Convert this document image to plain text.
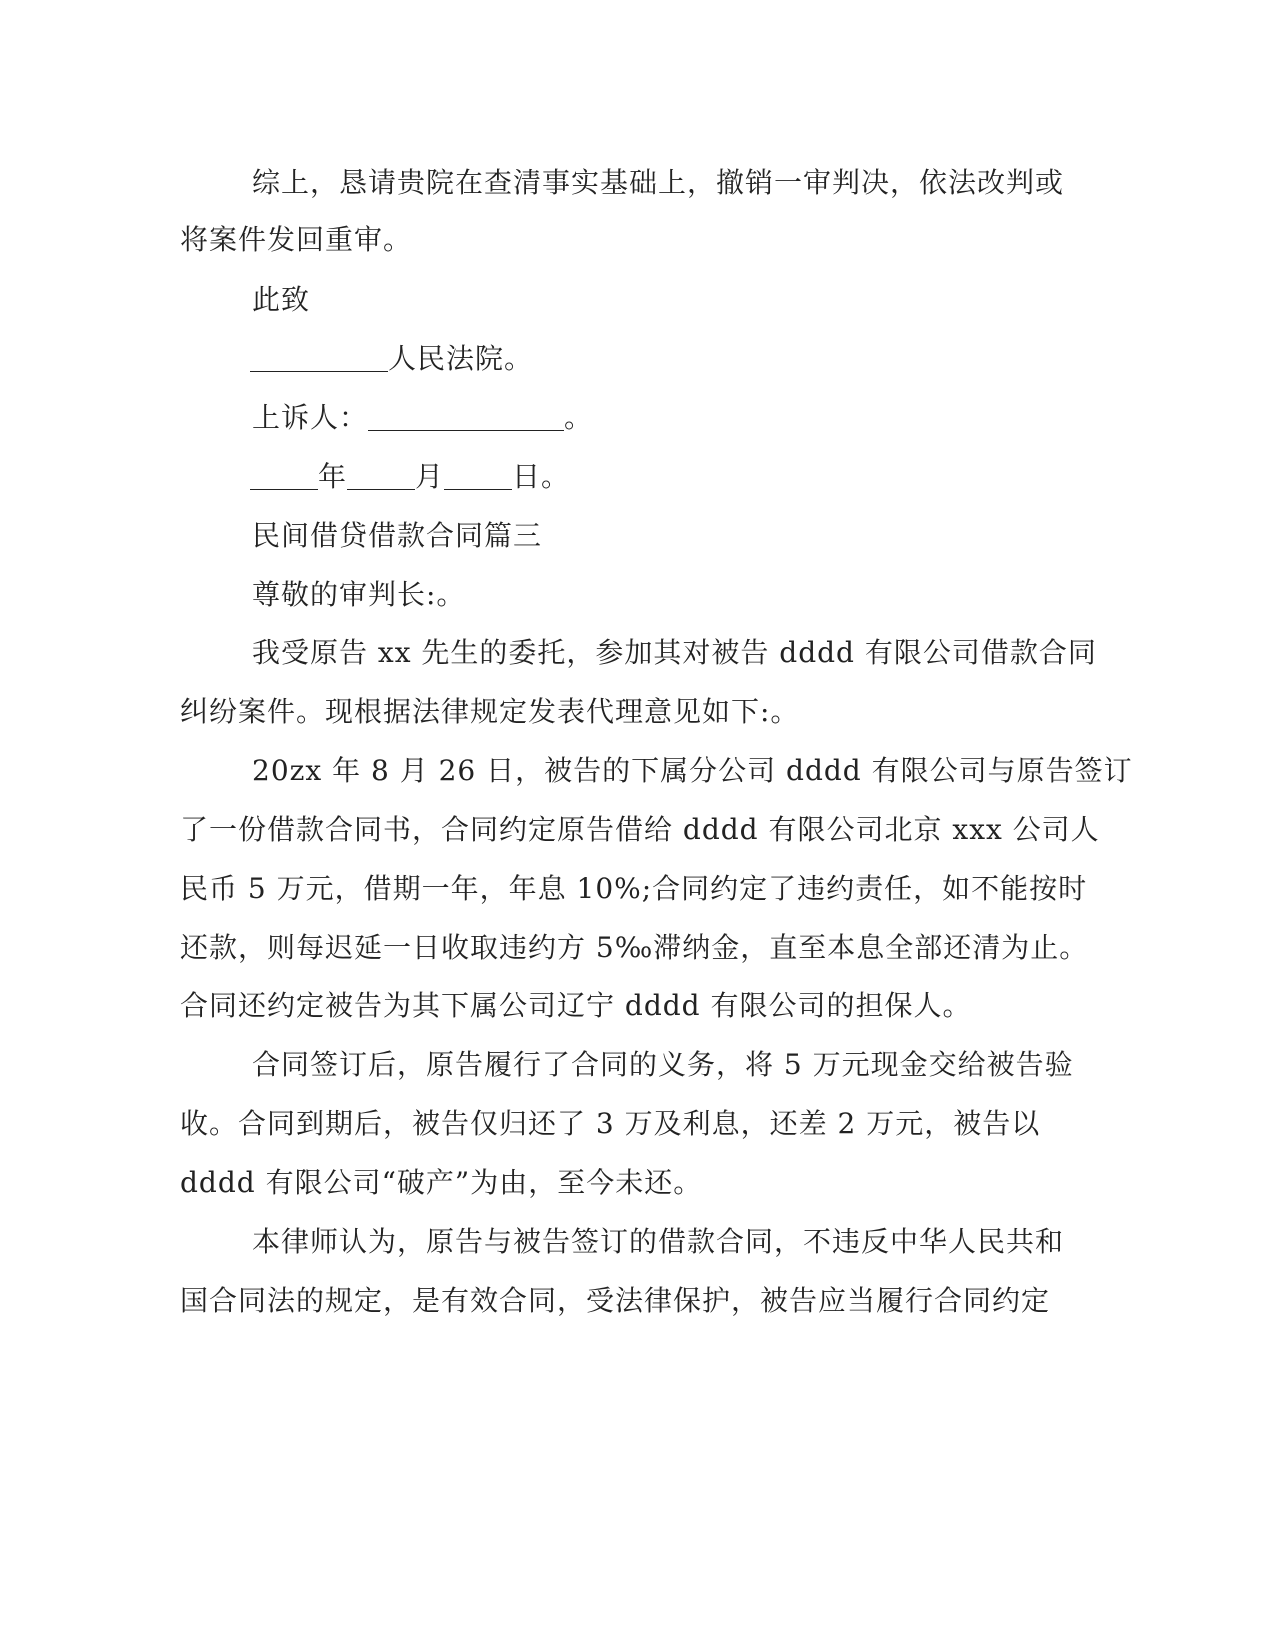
综上，恳请贵院在查清事实基础上，撤销一审判决，依法改判或
将案件发回重审。
此致
人民法院。
上诉人：	。
年 月 日。
民间借贷借款合同篇三
尊敬的审判长:。
我受原告 xx 先生的委托，参加其对被告 dddd 有限公司借款合同
纠纷案件。现根据法律规定发表代理意见如下:。
20zx 年 8 月 26 日，被告的下属分公司 dddd 有限公司与原告签订
了一份借款合同书，合同约定原告借给 dddd 有限公司北京 xxx 公司人
民币 5 万元，借期一年，年息 10%;合同约定了违约责任，如不能按时
还款，则每迟延一日收取违约方 5‰滞纳金，直至本息全部还清为止。
合同还约定被告为其下属公司辽宁 dddd 有限公司的担保人。
合同签订后，原告履行了合同的义务，将 5 万元现金交给被告验
收。合同到期后，被告仅归还了 3 万及利息，还差 2 万元，被告以
dddd 有限公司“破产”为由，至今未还。
本律师认为，原告与被告签订的借款合同，不违反中华人民共和
国合同法的规定，是有效合同，受法律保护，被告应当履行合同约定
